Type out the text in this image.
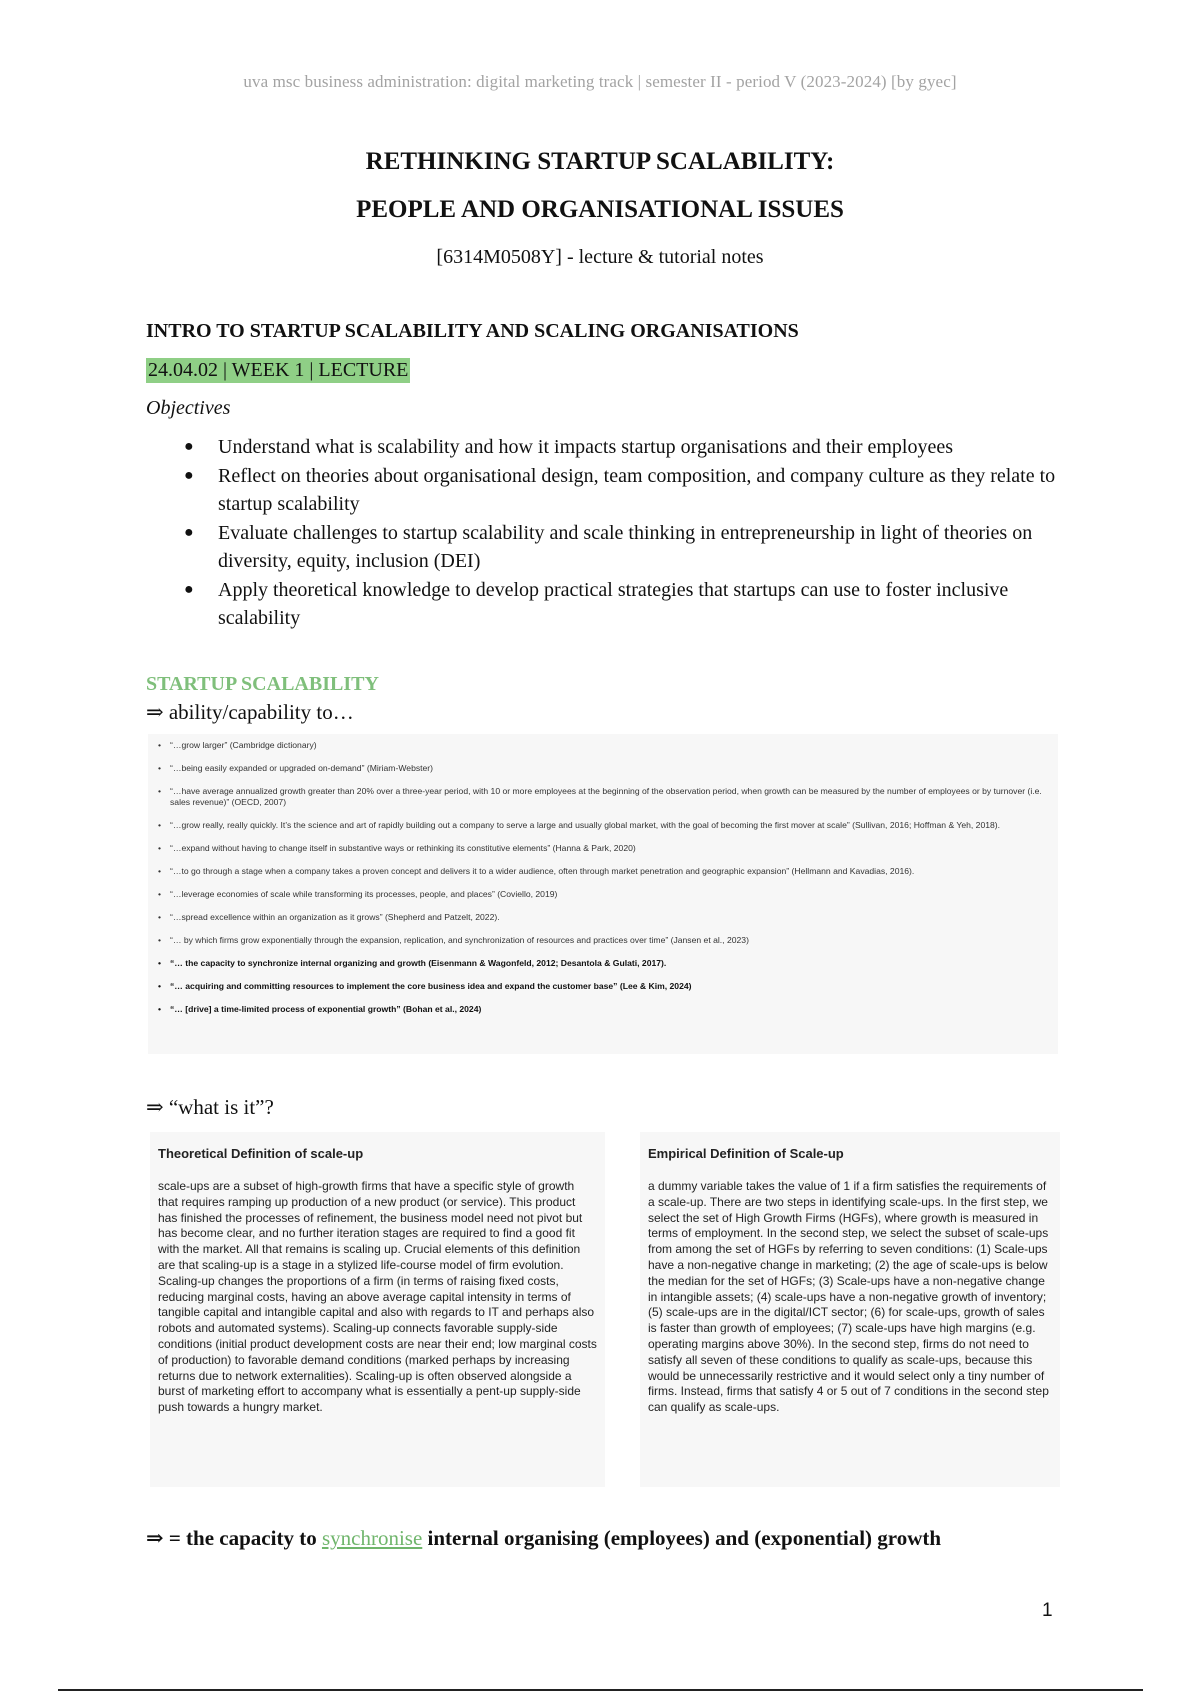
uva msc business administration: digital marketing track | semester II - period V (2023-2024) [by gyec]
RETHINKING STARTUP SCALABILITY:
PEOPLE AND ORGANISATIONAL ISSUES
[6314M0508Y] - lecture & tutorial notes
INTRO TO STARTUP SCALABILITY AND SCALING ORGANISATIONS
24.04.02 | WEEK 1 | LECTURE
Objectives
● Understand what is scalability and how it impacts startup organisations and their employees
● Reflect on theories about organisational design, team composition, and company culture as they relate to startup scalability
● Evaluate challenges to startup scalability and scale thinking in entrepreneurship in light of theories on diversity, equity, inclusion (DEI)
● Apply theoretical knowledge to develop practical strategies that startups can use to foster inclusive scalability
STARTUP SCALABILITY
⇒ ability/capability to…
• “…grow larger” (Cambridge dictionary)
• “…being easily expanded or upgraded on-demand” (Miriam-Webster)
• “…have average annualized growth greater than 20% over a three-year period, with 10 or more employees at the beginning of the observation period, when growth can be measured by the number of employees or by turnover (i.e. sales revenue)” (OECD, 2007)
• “…grow really, really quickly. It’s the science and art of rapidly building out a company to serve a large and usually global market, with the goal of becoming the first mover at scale” (Sullivan, 2016; Hoffman & Yeh, 2018).
• “…expand without having to change itself in substantive ways or rethinking its constitutive elements” (Hanna & Park, 2020)
• “…to go through a stage when a company takes a proven concept and delivers it to a wider audience, often through market penetration and geographic expansion” (Hellmann and Kavadias, 2016).
• “…leverage economies of scale while transforming its processes, people, and places” (Coviello, 2019)
• “…spread excellence within an organization as it grows” (Shepherd and Patzelt, 2022).
• “… by which firms grow exponentially through the expansion, replication, and synchronization of resources and practices over time” (Jansen et al., 2023)
• “… the capacity to synchronize internal organizing and growth (Eisenmann & Wagonfeld, 2012; Desantola & Gulati, 2017).
• “… acquiring and committing resources to implement the core business idea and expand the customer base” (Lee & Kim, 2024)
• “… [drive] a time-limited process of exponential growth” (Bohan et al., 2024)
⇒ “what is it”?
Theoretical Definition of scale-up
scale-ups are a subset of high-growth firms that have a specific style of growth that requires ramping up production of a new product (or service). This product has finished the processes of refinement, the business model need not pivot but has become clear, and no further iteration stages are required to find a good fit with the market. All that remains is scaling up. Crucial elements of this definition are that scaling-up is a stage in a stylized life-course model of firm evolution. Scaling-up changes the proportions of a firm (in terms of raising fixed costs, reducing marginal costs, having an above average capital intensity in terms of tangible capital and intangible capital and also with regards to IT and perhaps also robots and automated systems). Scaling-up connects favorable supply-side conditions (initial product development costs are near their end; low marginal costs of production) to favorable demand conditions (marked perhaps by increasing returns due to network externalities). Scaling-up is often observed alongside a burst of marketing effort to accompany what is essentially a pent-up supply-side push towards a hungry market.
Empirical Definition of Scale-up
a dummy variable takes the value of 1 if a firm satisfies the requirements of a scale-up. There are two steps in identifying scale-ups. In the first step, we select the set of High Growth Firms (HGFs), where growth is measured in terms of employment. In the second step, we select the subset of scale-ups from among the set of HGFs by referring to seven conditions: (1) Scale-ups have a non-negative change in marketing; (2) the age of scale-ups is below the median for the set of HGFs; (3) Scale-ups have a non-negative change in intangible assets; (4) scale-ups have a non-negative growth of inventory; (5) scale-ups are in the digital/ICT sector; (6) for scale-ups, growth of sales is faster than growth of employees; (7) scale-ups have high margins (e.g. operating margins above 30%). In the second step, firms do not need to satisfy all seven of these conditions to qualify as scale-ups, because this would be unnecessarily restrictive and it would select only a tiny number of firms. Instead, firms that satisfy 4 or 5 out of 7 conditions in the second step can qualify as scale-ups.
⇒ = the capacity to synchronise internal organising (employees) and (exponential) growth
1
